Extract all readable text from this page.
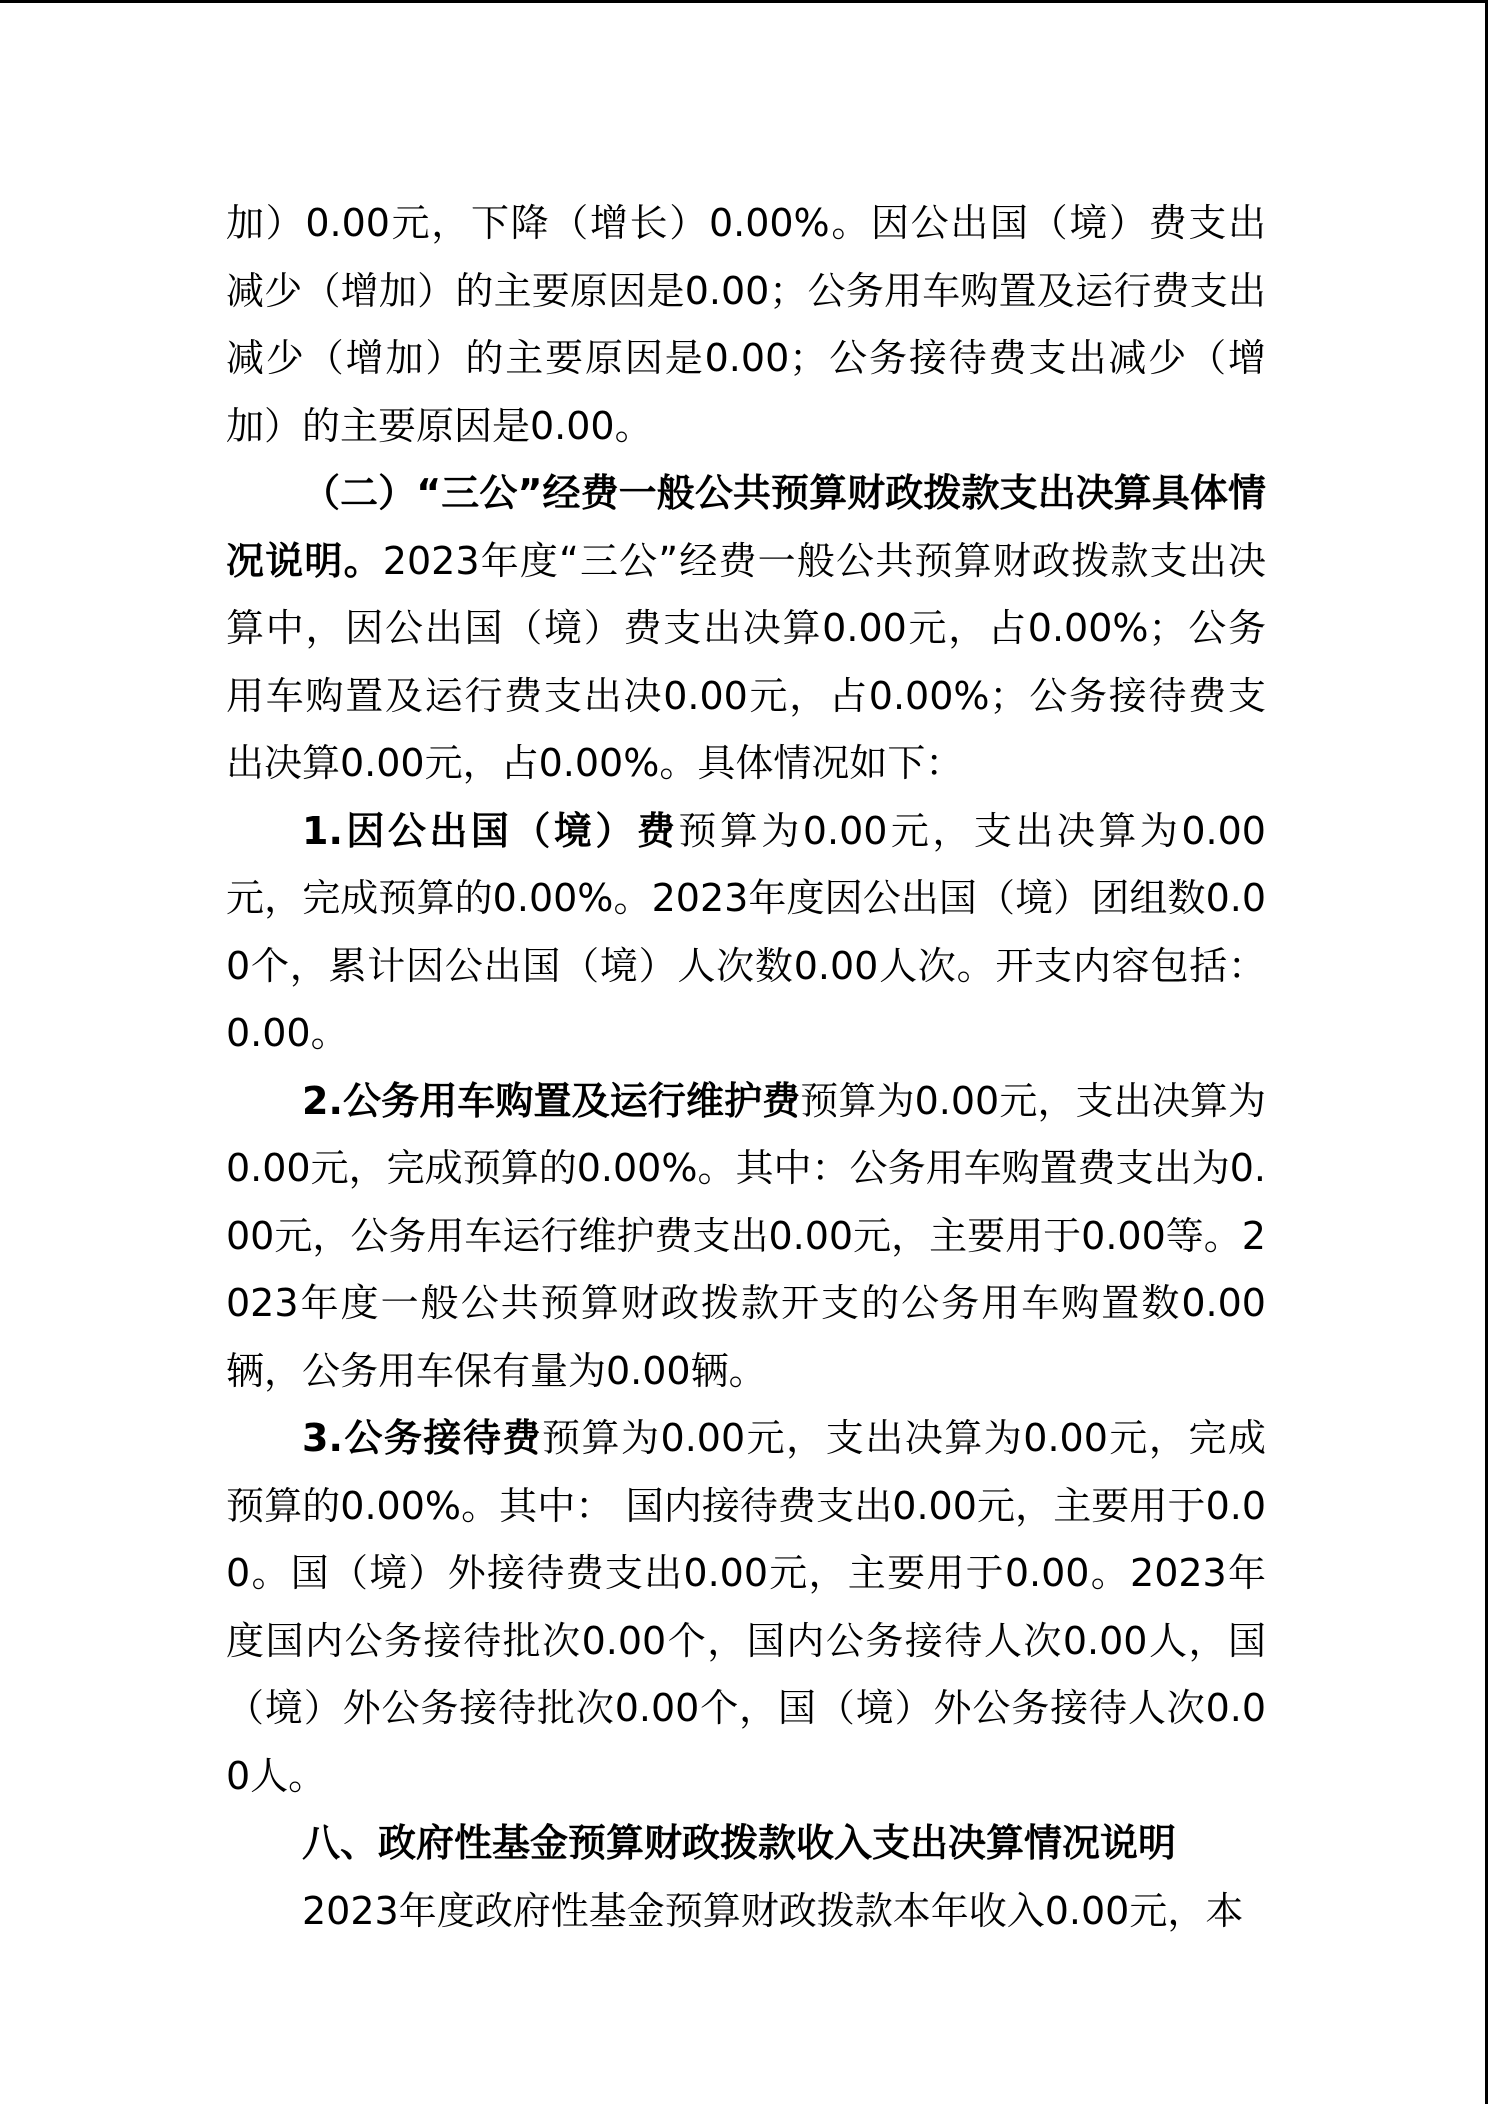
加）0.00元，下降（增长）0.00%。因公出国（境）费支出减少（增加）的主要原因是0.00；公务用车购置及运行费支出减少（增加）的主要原因是0.00；公务接待费支出减少（增加）的主要原因是0.00。

（二）“三公”经费一般公共预算财政拨款支出决算具体情况说明。2023年度“三公”经费一般公共预算财政拨款支出决算中，因公出国（境）费支出决算0.00元，占0.00%；公务用车购置及运行费支出决0.00元，占0.00%；公务接待费支出决算0.00元，占0.00%。具体情况如下：

1.因公出国（境）费预算为0.00元，支出决算为0.00元，完成预算的0.00%。2023年度因公出国（境）团组数0.00个，累计因公出国（境）人次数0.00人次。开支内容包括：0.00。

2.公务用车购置及运行维护费预算为0.00元，支出决算为0.00元，完成预算的0.00%。其中：公务用车购置费支出为0.00元，公务用车运行维护费支出0.00元，主要用于0.00等。2023年度一般公共预算财政拨款开支的公务用车购置数0.00辆，公务用车保有量为0.00辆。

3.公务接待费预算为0.00元，支出决算为0.00元，完成预算的0.00%。其中： 国内接待费支出0.00元，主要用于0.00。国（境）外接待费支出0.00元，主要用于0.00。2023年度国内公务接待批次0.00个，国内公务接待人次0.00人，国（境）外公务接待批次0.00个，国（境）外公务接待人次0.00人。

八、政府性基金预算财政拨款收入支出决算情况说明

2023年度政府性基金预算财政拨款本年收入0.00元，本
